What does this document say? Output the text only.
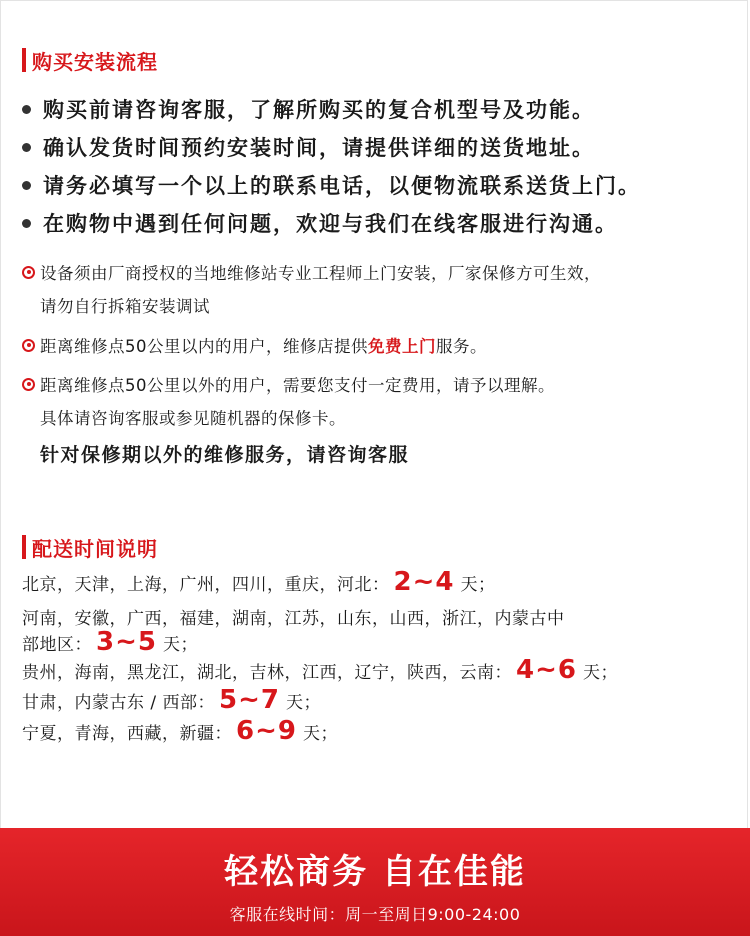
购买安装流程
购买前请咨询客服，了解所购买的复合机型号及功能。
确认发货时间预约安装时间，请提供详细的送货地址。
请务必填写一个以上的联系电话，以便物流联系送货上门。
在购物中遇到任何问题，欢迎与我们在线客服进行沟通。
设备须由厂商授权的当地维修站专业工程师上门安装，厂家保修方可生效，
请勿自行拆箱安装调试
距离维修点50公里以内的用户，维修店提供 免费上门 服务。
距离维修点50公里以外的用户，需要您支付一定费用，请予以理解。
具体请咨询客服或参见随机器的保修卡。
针对保修期以外的维修服务，请咨询客服
配送时间说明
北京，天津，上海，广州，四川，重庆，河北： 2~4 天；
河南，安徽，广西，福建，湖南，江苏，山东，山西，浙江，内蒙古中
部地区： 3~5 天；
贵州，海南，黑龙江，湖北，吉林，江西，辽宁，陕西，云南： 4~6 天；
甘肃，内蒙古东 / 西部： 5~7 天；
宁夏，青海，西藏，新疆： 6~9 天；
轻松商务 自在佳能
客服在线时间：周一至周日9:00-24:00
